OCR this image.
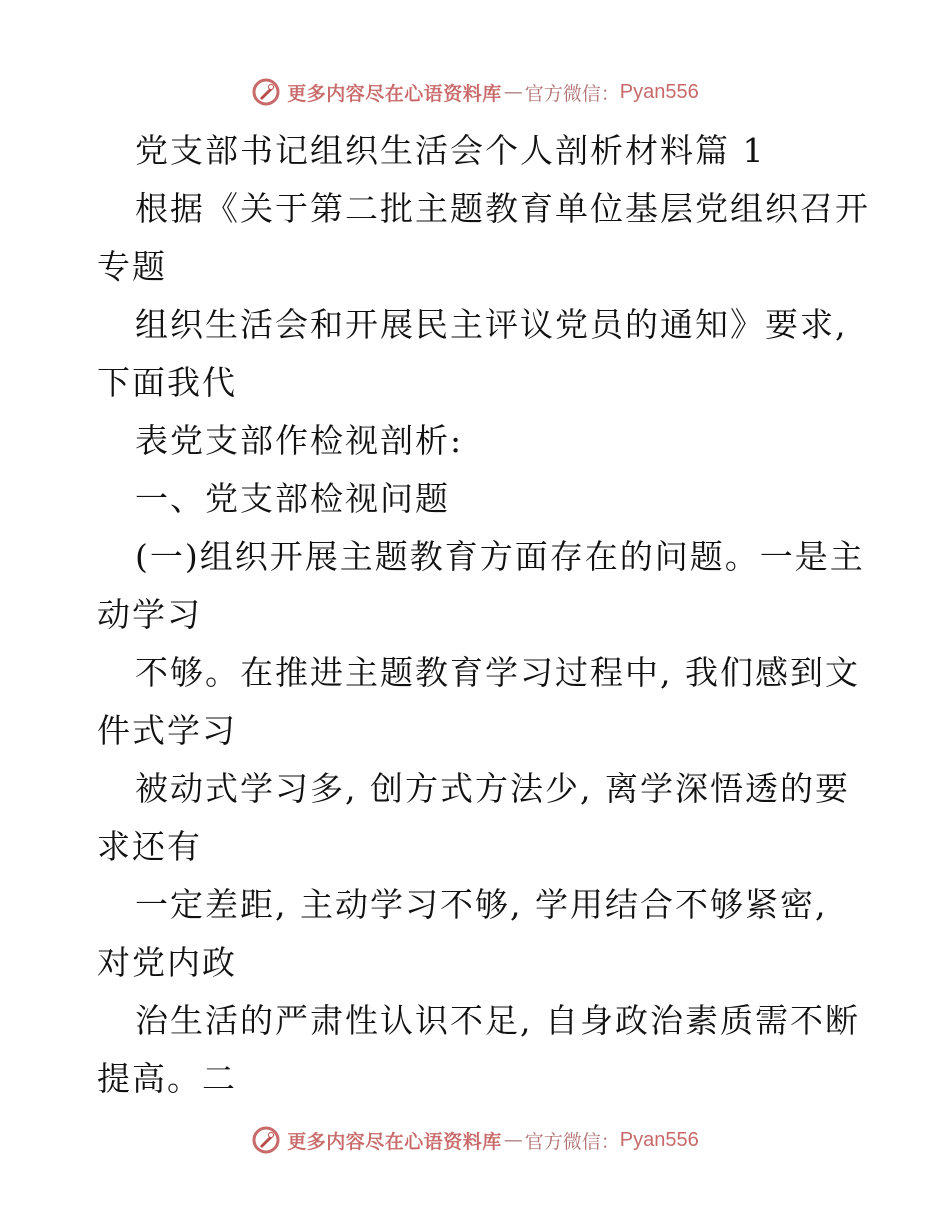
更多内容尽在心语资料库 — 官方微信： Pyan556
党支部书记组织生活会个人剖析材料篇 1
根据《关于第二批主题教育单位基层党组织召开
专题
组织生活会和开展民主评议党员的通知》要求,
下面我代
表党支部作检视剖析:
一、党支部检视问题
(一)组织开展主题教育方面存在的问题。一是主
动学习
不够。在推进主题教育学习过程中, 我们感到文
件式学习
被动式学习多, 创方式方法少, 离学深悟透的要
求还有
一定差距, 主动学习不够, 学用结合不够紧密,
对党内政
治生活的严肃性认识不足, 自身政治素质需不断
提高。二
更多内容尽在心语资料库 — 官方微信： Pyan556
